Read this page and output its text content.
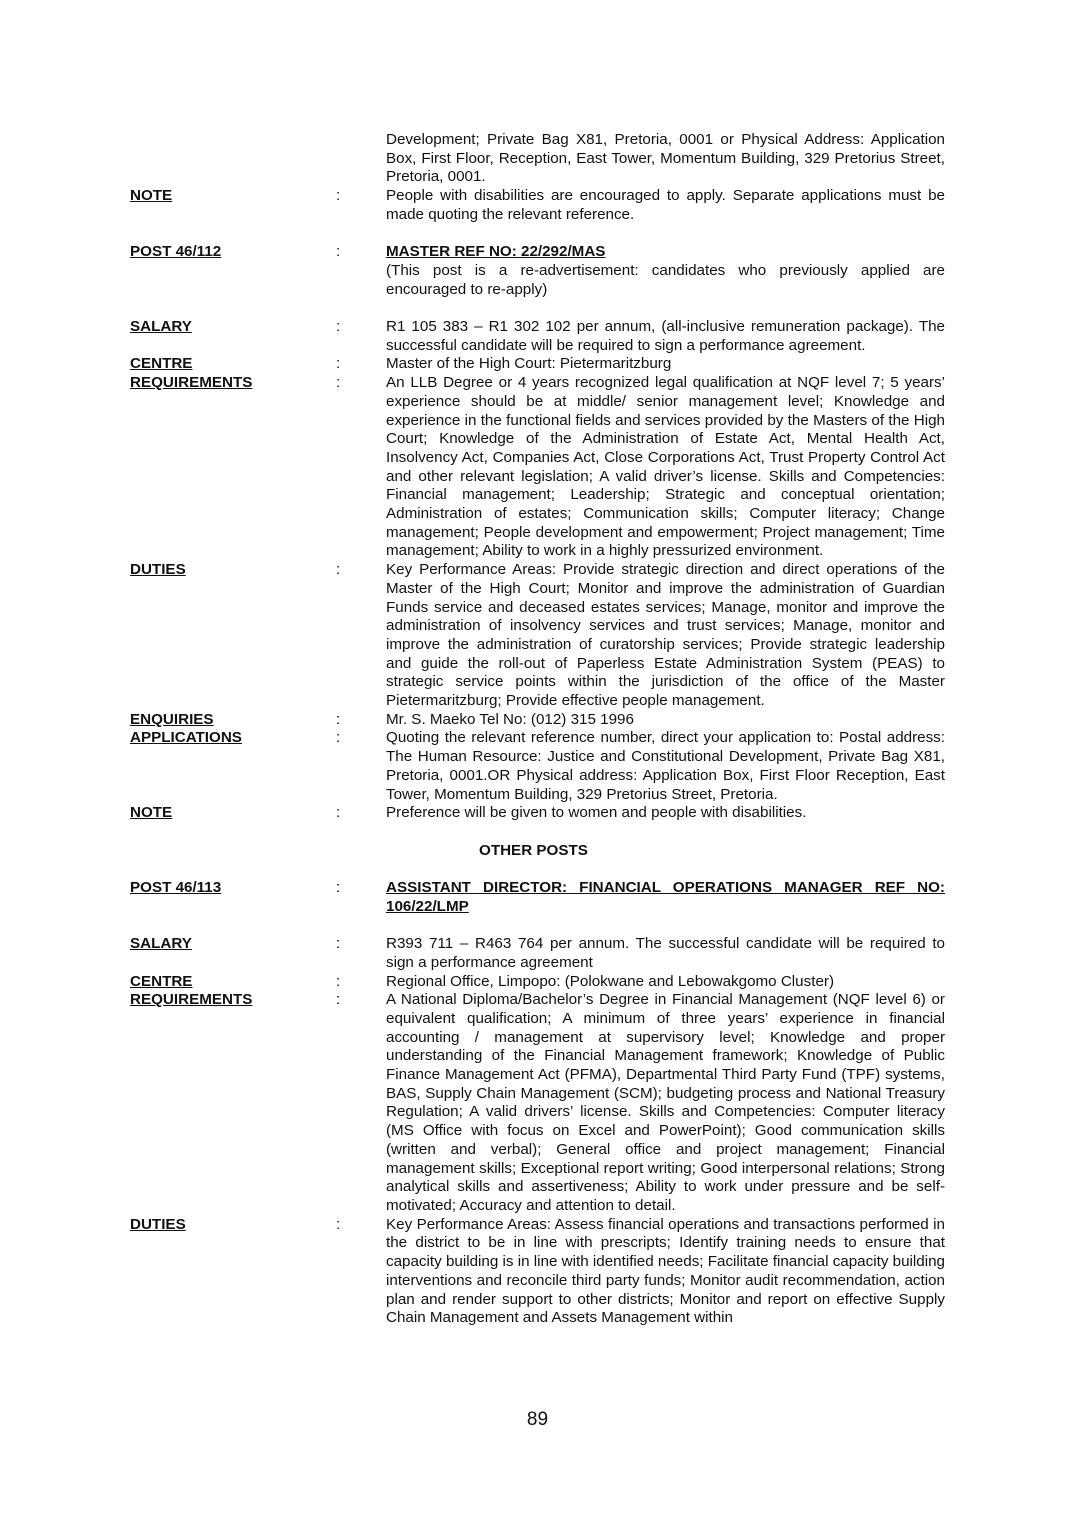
Development; Private Bag X81, Pretoria, 0001 or Physical Address: Application Box, First Floor, Reception, East Tower, Momentum Building, 329 Pretorius Street, Pretoria, 0001.
NOTE	:	People with disabilities are encouraged to apply. Separate applications must be made quoting the relevant reference.
POST 46/112	:	MASTER REF NO: 22/292/MAS

(This post is a re-advertisement: candidates who previously applied are encouraged to re-apply)

SALARY	:	R1 105 383 – R1 302 102 per annum, (all-inclusive remuneration package). The successful candidate will be required to sign a performance agreement.
CENTRE	:	Master of the High Court: Pietermaritzburg
REQUIREMENTS	:	An LLB Degree or 4 years recognized legal qualification at NQF level 7; 5 years’ experience should be at middle/ senior management level; Knowledge and experience in the functional fields and services provided by the Masters of the High Court; Knowledge of the Administration of Estate Act, Mental Health Act, Insolvency Act, Companies Act, Close Corporations Act, Trust Property Control Act and other relevant legislation; A valid driver’s license. Skills and Competencies: Financial management; Leadership; Strategic and conceptual orientation; Administration of estates; Communication skills; Computer literacy; Change management; People development and empowerment; Project management; Time management; Ability to work in a highly pressurized environment.
DUTIES	:	Key Performance Areas: Provide strategic direction and direct operations of the Master of the High Court; Monitor and improve the administration of Guardian Funds service and deceased estates services; Manage, monitor and improve the administration of insolvency services and trust services; Manage, monitor and improve the administration of curatorship services; Provide strategic leadership and guide the roll-out of Paperless Estate Administration System (PEAS) to strategic service points within the jurisdiction of the office of the Master Pietermaritzburg; Provide effective people management.
ENQUIRIES	:	Mr. S. Maeko Tel No: (012) 315 1996
APPLICATIONS	:	Quoting the relevant reference number, direct your application to: Postal address: The Human Resource: Justice and Constitutional Development, Private Bag X81, Pretoria, 0001.OR Physical address: Application Box, First Floor Reception, East Tower, Momentum Building, 329 Pretorius Street, Pretoria.
NOTE	:	Preference will be given to women and people with disabilities.
OTHER POSTS
POST 46/113	:	ASSISTANT DIRECTOR: FINANCIAL OPERATIONS MANAGER REF NO: 106/22/LMP
SALARY	:	R393 711 – R463 764 per annum. The successful candidate will be required to sign a performance agreement
CENTRE	:	Regional Office, Limpopo: (Polokwane and Lebowakgomo Cluster)
REQUIREMENTS	:	A National Diploma/Bachelor’s Degree in Financial Management (NQF level 6) or equivalent qualification; A minimum of three years’ experience in financial accounting / management at supervisory level; Knowledge and proper understanding of the Financial Management framework; Knowledge of Public Finance Management Act (PFMA), Departmental Third Party Fund (TPF) systems, BAS, Supply Chain Management (SCM); budgeting process and National Treasury Regulation; A valid drivers’ license. Skills and Competencies: Computer literacy (MS Office with focus on Excel and PowerPoint); Good communication skills (written and verbal); General office and project management; Financial management skills; Exceptional report writing; Good interpersonal relations; Strong analytical skills and assertiveness; Ability to work under pressure and be self-motivated; Accuracy and attention to detail.
DUTIES	:	Key Performance Areas: Assess financial operations and transactions performed in the district to be in line with prescripts; Identify training needs to ensure that capacity building is in line with identified needs; Facilitate financial capacity building interventions and reconcile third party funds; Monitor audit recommendation, action plan and render support to other districts; Monitor and report on effective Supply Chain Management and Assets Management within
89
